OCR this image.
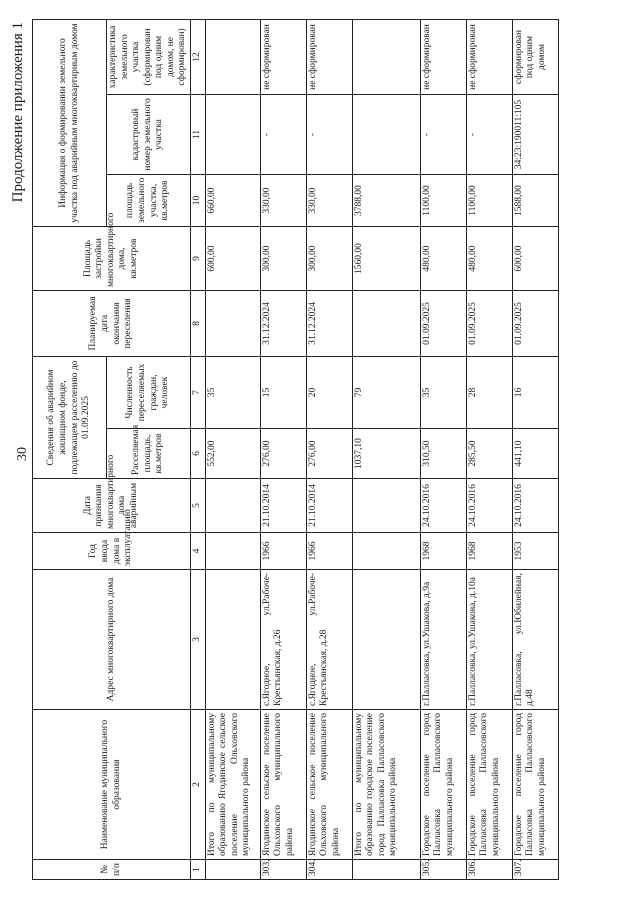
30
Продолжение приложения 1
№ п/п	Наименование муниципального образования	Адрес многоквартирного дома	Год ввода дома в эксплуатацию	Дата признания многоквартирного дома аварийным	Сведения об аварийном жилищном фонде, подлежащем расселению до 01.09.2025		Планируемая дата окончания переселения	Площадь застройки многоквартирного дома, кв.метров	Информация о формировании земельного участка под аварийным многоквартирным домом		
					Расселяемая площадь, кв.метров	Численность переселяемых граждан, человек			площадь земельного участка, кв.метров	кадастровый номер земельного участка	характеристика земельного участка (сформирован под одним домом, не сформирован)
1	2	3	4	5	6	7	8	9	10	11	12
	Итого по муниципальному образованию Ягодинское сельское поселение Ольховского муниципального района				552,00	35		600,00	660,00		
303.	Ягодинское сельское поселение Ольховского муниципального района	с.Ягодное, ул.Рабоче-Крестьянская, д.26	1966	21.10.2014	276,00	15	31.12.2024	300,00	330,00	-	не сформирован
304.	Ягодинское сельское поселение Ольховского муниципального района	с.Ягодное, ул.Рабоче-Крестьянская, д.28	1966	21.10.2014	276,00	20	31.12.2024	300,00	330,00	-	не сформирован
	Итого по муниципальному образованию городское поселение город Палласовка Палласовского муниципального района				1037,10	79		1560,00	3788,00		
305.	Городское поселение город Палласовка Палласовского муниципального района	г.Палласовка, ул.Ушакова, д.9а	1968	24.10.2016	310,50	35	01.09.2025	480,00	1100,00	-	не сформирован
306.	Городское поселение город Палласовка Палласовского муниципального района	г.Палласовка, ул.Ушакова, д.10а	1968	24.10.2016	285,50	28	01.09.2025	480,00	1100,00	-	не сформирован
307.	Городское поселение город Палласовка Палласовского муниципального района	г.Палласовка, ул.Юбилейная, д.48	1953	24.10.2016	441,10	16	01.09.2025	600,00	1588,00	34:23:190011:105	сформирован под одним домом
